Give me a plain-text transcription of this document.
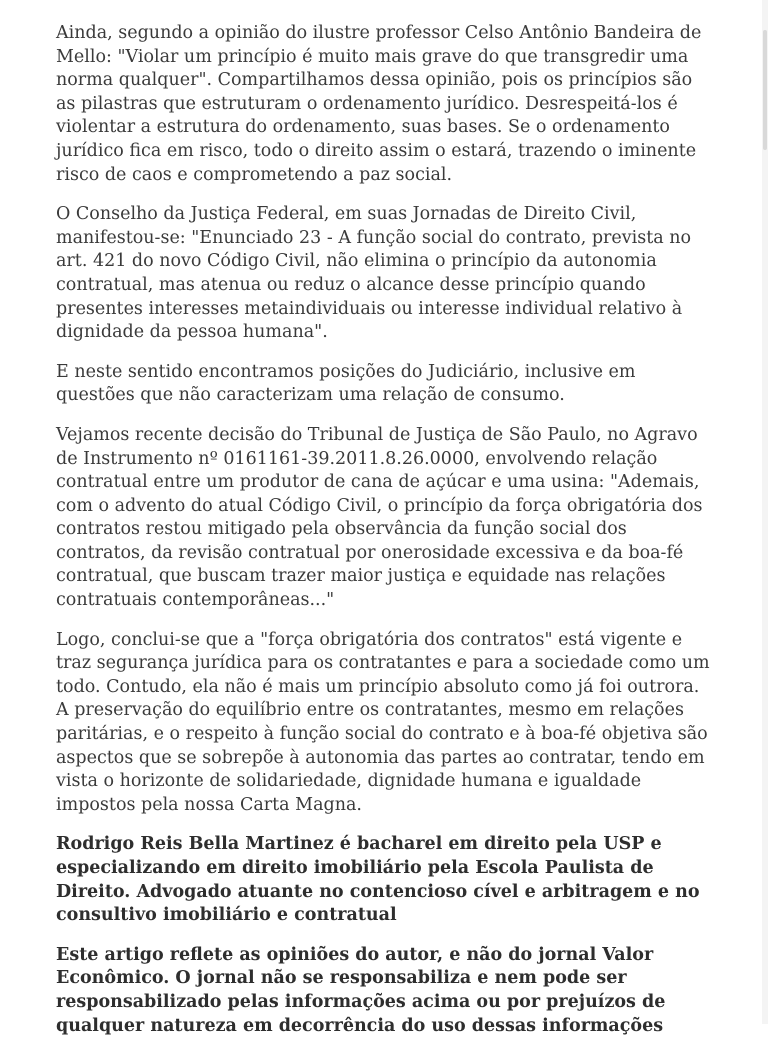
Ainda, segundo a opinião do ilustre professor Celso Antônio Bandeira de Mello: "Violar um princípio é muito mais grave do que transgredir uma norma qualquer". Compartilhamos dessa opinião, pois os princípios são as pilastras que estruturam o ordenamento jurídico. Desrespeitá-los é violentar a estrutura do ordenamento, suas bases. Se o ordenamento jurídico fica em risco, todo o direito assim o estará, trazendo o iminente risco de caos e comprometendo a paz social.

O Conselho da Justiça Federal, em suas Jornadas de Direito Civil, manifestou-se: "Enunciado 23 - A função social do contrato, prevista no art. 421 do novo Código Civil, não elimina o princípio da autonomia contratual, mas atenua ou reduz o alcance desse princípio quando presentes interesses metaindividuais ou interesse individual relativo à dignidade da pessoa humana".

E neste sentido encontramos posições do Judiciário, inclusive em questões que não caracterizam uma relação de consumo.

Vejamos recente decisão do Tribunal de Justiça de São Paulo, no Agravo de Instrumento nº 0161161-39.2011.8.26.0000, envolvendo relação contratual entre um produtor de cana de açúcar e uma usina: "Ademais, com o advento do atual Código Civil, o princípio da força obrigatória dos contratos restou mitigado pela observância da função social dos contratos, da revisão contratual por onerosidade excessiva e da boa-fé contratual, que buscam trazer maior justiça e equidade nas relações contratuais contemporâneas..."

Logo, conclui-se que a "força obrigatória dos contratos" está vigente e traz segurança jurídica para os contratantes e para a sociedade como um todo. Contudo, ela não é mais um princípio absoluto como já foi outrora. A preservação do equilíbrio entre os contratantes, mesmo em relações paritárias, e o respeito à função social do contrato e à boa-fé objetiva são aspectos que se sobrepõe à autonomia das partes ao contratar, tendo em vista o horizonte de solidariedade, dignidade humana e igualdade impostos pela nossa Carta Magna.

Rodrigo Reis Bella Martinez é bacharel em direito pela USP e especializando em direito imobiliário pela Escola Paulista de Direito. Advogado atuante no contencioso cível e arbitragem e no consultivo imobiliário e contratual

Este artigo reflete as opiniões do autor, e não do jornal Valor Econômico. O jornal não se responsabiliza e nem pode ser responsabilizado pelas informações acima ou por prejuízos de qualquer natureza em decorrência do uso dessas informações
